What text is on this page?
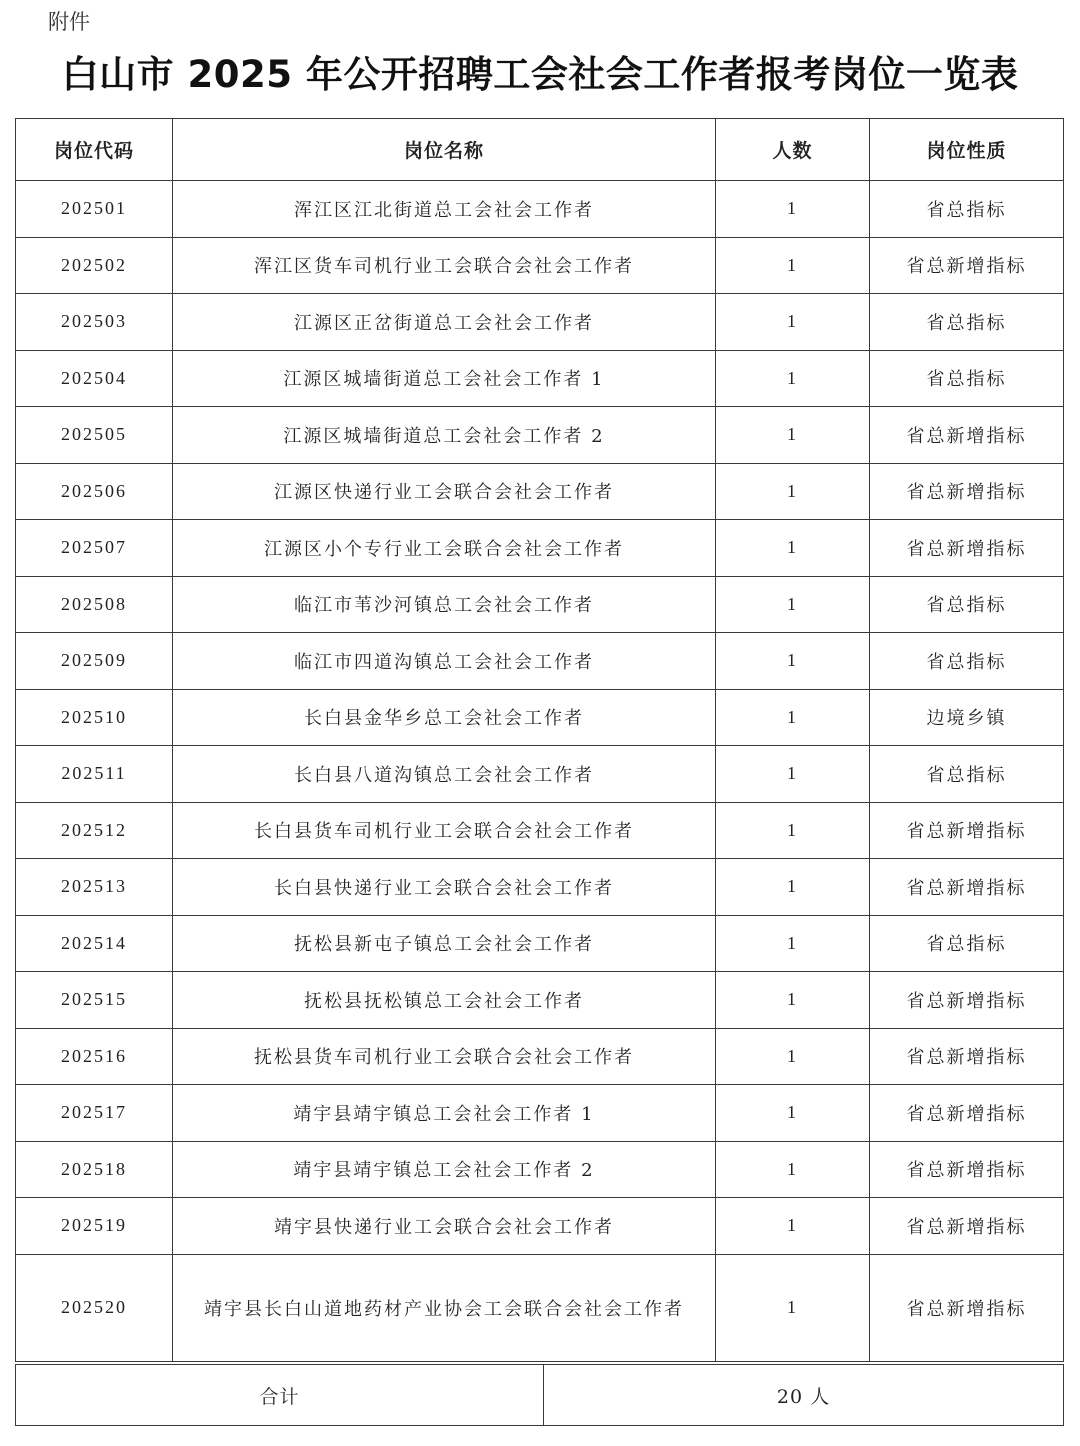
附件
白山市 2025 年公开招聘工会社会工作者报考岗位一览表
岗位代码	岗位名称	人数	岗位性质
202501	浑江区江北街道总工会社会工作者	1	省总指标
202502	浑江区货车司机行业工会联合会社会工作者	1	省总新增指标
202503	江源区正岔街道总工会社会工作者	1	省总指标
202504	江源区城墙街道总工会社会工作者 1	1	省总指标
202505	江源区城墙街道总工会社会工作者 2	1	省总新增指标
202506	江源区快递行业工会联合会社会工作者	1	省总新增指标
202507	江源区小个专行业工会联合会社会工作者	1	省总新增指标
202508	临江市苇沙河镇总工会社会工作者	1	省总指标
202509	临江市四道沟镇总工会社会工作者	1	省总指标
202510	长白县金华乡总工会社会工作者	1	边境乡镇
202511	长白县八道沟镇总工会社会工作者	1	省总指标
202512	长白县货车司机行业工会联合会社会工作者	1	省总新增指标
202513	长白县快递行业工会联合会社会工作者	1	省总新增指标
202514	抚松县新屯子镇总工会社会工作者	1	省总指标
202515	抚松县抚松镇总工会社会工作者	1	省总新增指标
202516	抚松县货车司机行业工会联合会社会工作者	1	省总新增指标
202517	靖宇县靖宇镇总工会社会工作者 1	1	省总新增指标
202518	靖宇县靖宇镇总工会社会工作者 2	1	省总新增指标
202519	靖宇县快递行业工会联合会社会工作者	1	省总新增指标
202520	靖宇县长白山道地药材产业协会工会联合会社会工作者	1	省总新增指标
合计	20 人
